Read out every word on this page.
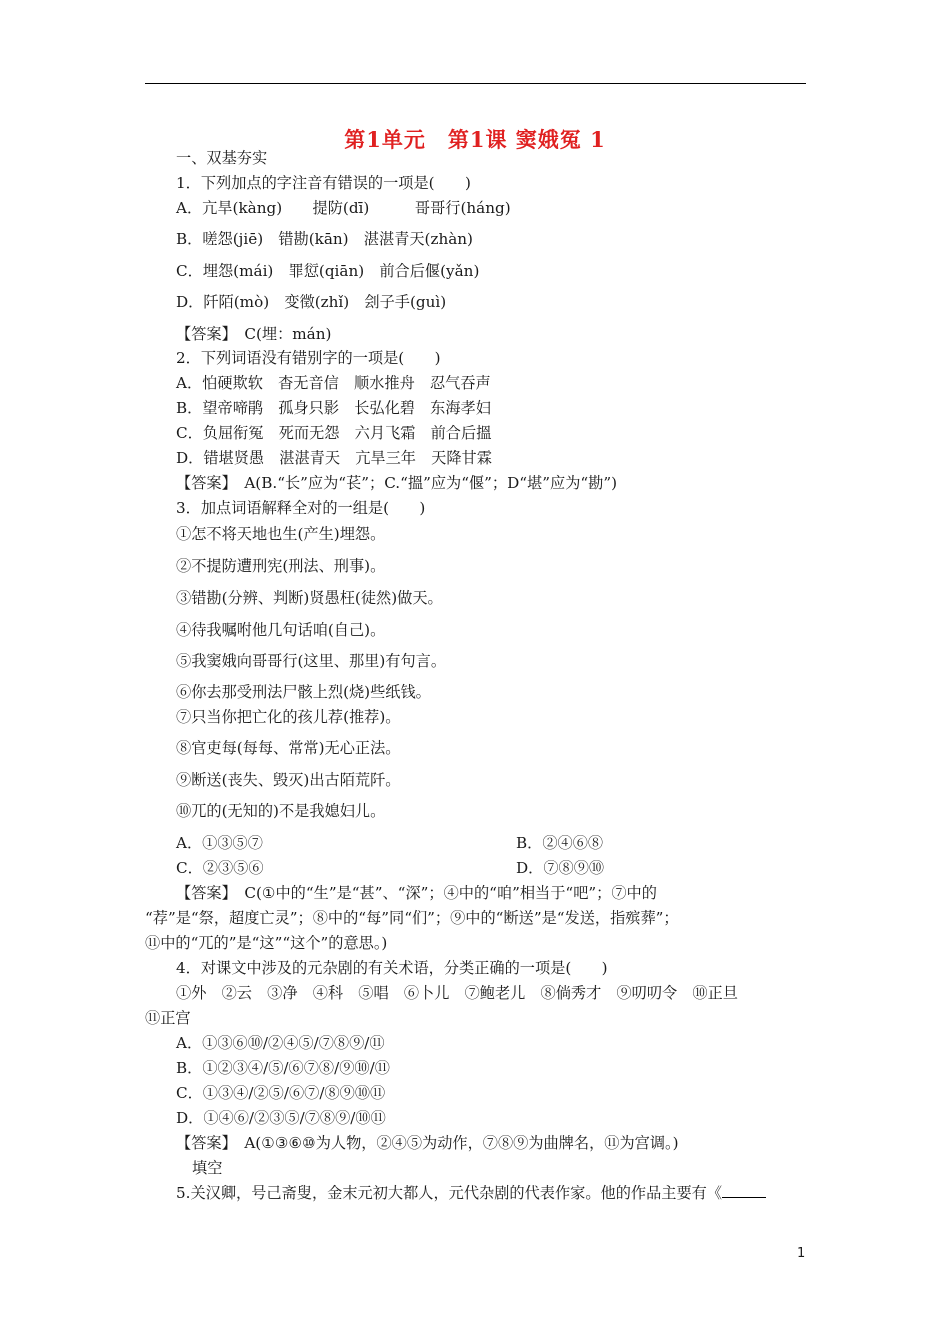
第1单元　第1课 窦娥冤 1
一、双基夯实
1．下列加点的字注音有错误的一项是(　　)
A．亢旱(kàng)　　提防(dī)　　　哥哥行(háng)
B．嗟怨(jiē)　错勘(kān)　湛湛青天(zhàn)
C．埋怨(mái)　罪愆(qiān)　前合后偃(yǎn)
D．阡陌(mò)　变徵(zhǐ)　刽子手(guì)
【答案】　C(埋：mán)
2．下列词语没有错别字的一项是(　　)
A．怕硬欺软　杳无音信　顺水推舟　忍气吞声
B．望帝啼鹃　孤身只影　长弘化碧　东海孝妇
C．负屈衔冤　死而无怨　六月飞霜　前合后搵
D．错堪贤愚　湛湛青天　亢旱三年　天降甘霖
【答案】　A(B.“长”应为“苌”；C.“搵”应为“偃”；D“堪”应为“勘”)
3．加点词语解释全对的一组是(　　)
①怎不将天地也生(产生)埋怨。
②不提防遭刑宪(刑法、刑事)。
③错勘(分辨、判断)贤愚枉(徒然)做天。
④待我嘱咐他几句话咱(自己)。
⑤我窦娥向哥哥行(这里、那里)有句言。
⑥你去那受刑法尸骸上烈(烧)些纸钱。
⑦只当你把亡化的孩儿荐(推荐)。
⑧官吏每(每每、常常)无心正法。
⑨断送(丧失、毁灭)出古陌荒阡。
⑩兀的(无知的)不是我媳妇儿。
A．①③⑤⑦	B．②④⑥⑧
C．②③⑤⑥	D．⑦⑧⑨⑩
【答案】　C(①中的“生”是“甚”、“深”；④中的“咱”相当于“吧”；⑦中的
“荐”是“祭，超度亡灵”；⑧中的“每”同“们”；⑨中的“断送”是“发送，指殡葬”；
⑪中的“兀的”是“这”“这个”的意思。)
4．对课文中涉及的元杂剧的有关术语，分类正确的一项是(　　)
①外　②云　③净　④科　⑤唱　⑥卜儿　⑦鲍老儿　⑧倘秀才　⑨叨叨令　⑩正旦
⑪正宫
A．①③⑥⑩/②④⑤/⑦⑧⑨/⑪
B．①②③④/⑤/⑥⑦⑧/⑨⑩/⑪
C．①③④/②⑤/⑥⑦/⑧⑨⑩⑪
D．①④⑥/②③⑤/⑦⑧⑨/⑩⑪
【答案】　A(①③⑥⑩为人物，②④⑤为动作，⑦⑧⑨为曲牌名，⑪为宫调。)
填空
5.关汉卿，号己斋叟，金末元初大都人，元代杂剧的代表作家。他的作品主要有《
1
